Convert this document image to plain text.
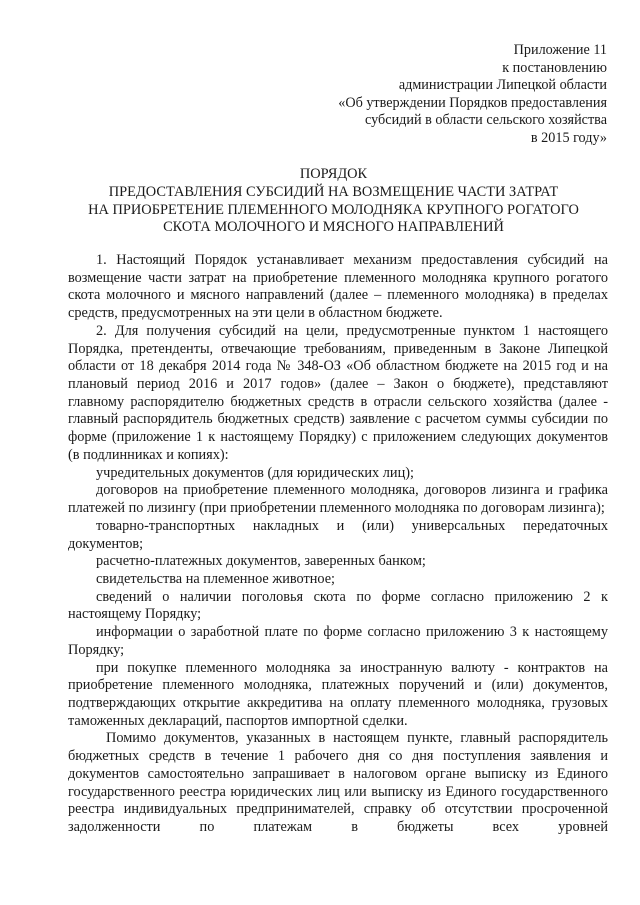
Приложение 11
к постановлению
администрации Липецкой области
«Об утверждении Порядков предоставления
субсидий в области сельского хозяйства
в 2015 году»
ПОРЯДОК
ПРЕДОСТАВЛЕНИЯ СУБСИДИЙ НА ВОЗМЕЩЕНИЕ ЧАСТИ ЗАТРАТ
НА ПРИОБРЕТЕНИЕ ПЛЕМЕННОГО МОЛОДНЯКА КРУПНОГО РОГАТОГО
СКОТА МОЛОЧНОГО И МЯСНОГО НАПРАВЛЕНИЙ

1. Настоящий Порядок устанавливает механизм предоставления субсидий на возмещение части затрат на приобретение племенного молодняка крупного рогатого скота молочного и мясного направлений (далее – племенного молодняка) в пределах средств, предусмотренных на эти цели в областном бюджете.

2. Для получения субсидий на цели, предусмотренные пунктом 1 настоящего Порядка, претенденты, отвечающие требованиям, приведенным в Законе Липецкой области от 18 декабря 2014 года № 348-ОЗ «Об областном бюджете на 2015 год и на плановый период 2016 и 2017 годов» (далее – Закон о бюджете), представляют главному распорядителю бюджетных средств в отрасли сельского хозяйства (далее - главный распорядитель бюджетных средств) заявление с расчетом суммы субсидии по форме (приложение 1 к настоящему Порядку) с приложением следующих документов (в подлинниках и копиях):

учредительных документов (для юридических лиц);

договоров на приобретение племенного молодняка, договоров лизинга и графика платежей по лизингу (при приобретении племенного молодняка по договорам лизинга);

товарно-транспортных накладных и (или) универсальных передаточных документов;

расчетно-платежных документов, заверенных банком;

свидетельства на племенное животное;

сведений о наличии поголовья скота по форме согласно приложению 2 к настоящему Порядку;

информации о заработной плате по форме согласно приложению 3 к настоящему Порядку;

при покупке племенного молодняка за иностранную валюту - контрактов на приобретение племенного молодняка, платежных поручений и (или) документов, подтверждающих открытие аккредитива на оплату племенного молодняка, грузовых таможенных деклараций, паспортов импортной сделки.

Помимо документов, указанных в настоящем пункте, главный распорядитель бюджетных средств в течение 1 рабочего дня со дня поступления заявления и документов самостоятельно запрашивает в налоговом органе выписку из Единого государственного реестра юридических лиц или выписку из Единого государственного реестра индивидуальных предпринимателей, справку об отсутствии просроченной задолженности по платежам в бюджеты всех уровней
